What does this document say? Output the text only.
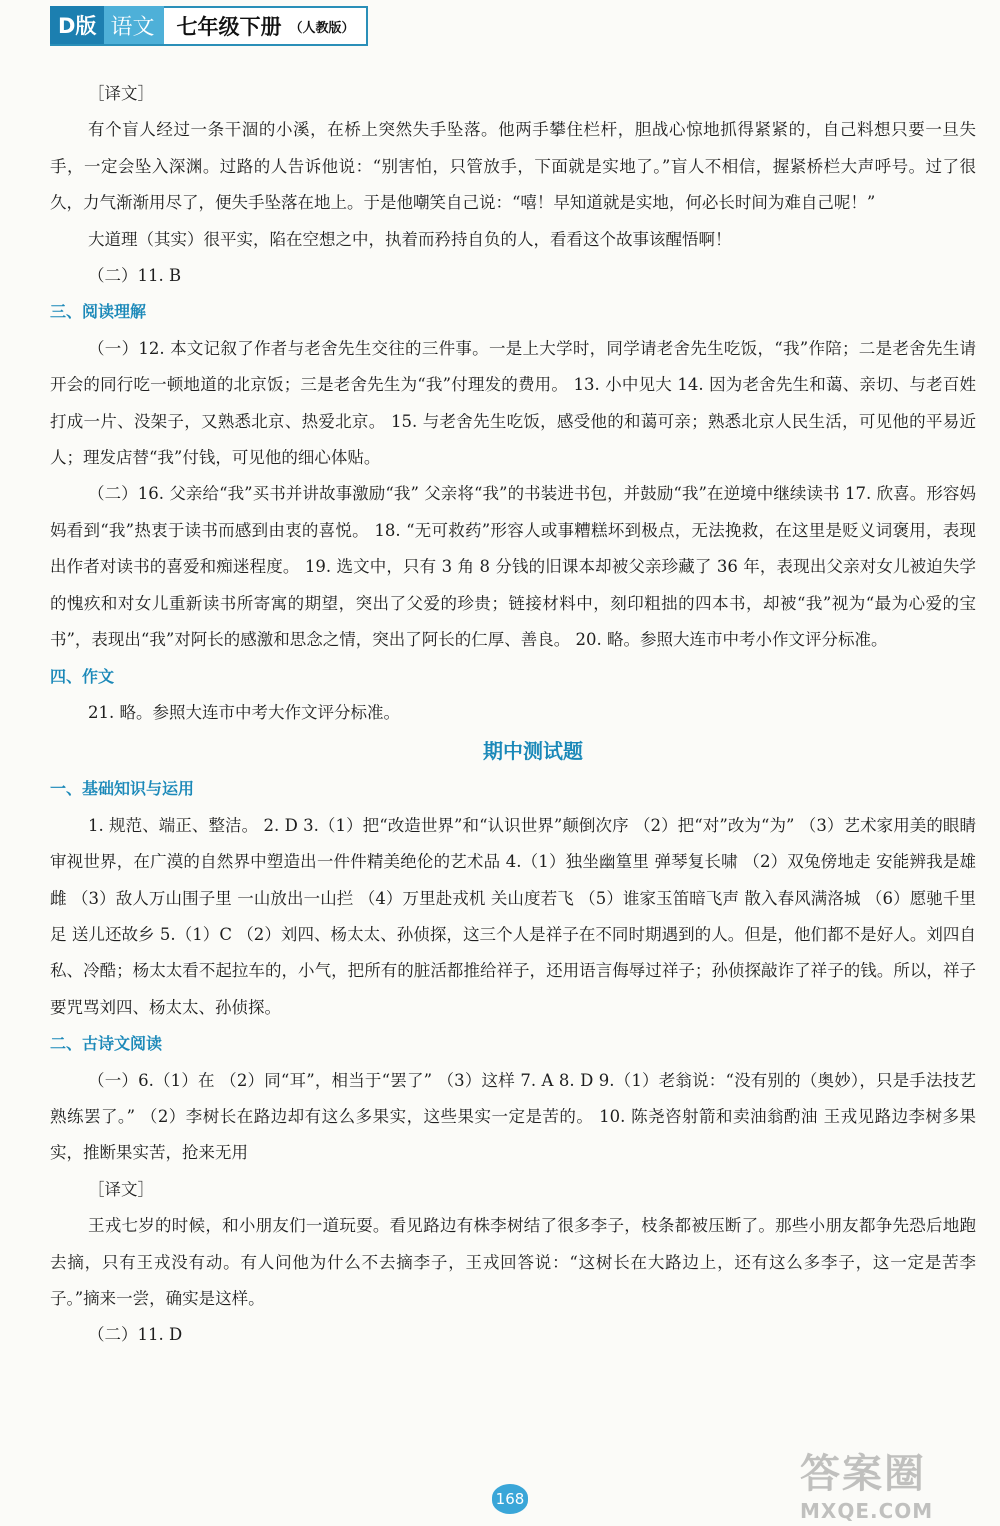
D版 语文	七年级下册 （人教版）

［译文］

有个盲人经过一条干涸的小溪，在桥上突然失手坠落。他两手攀住栏杆，胆战心惊地抓得紧紧的，自己料想只要一旦失手，一定会坠入深渊。过路的人告诉他说：“别害怕，只管放手，下面就是实地了。”盲人不相信，握紧桥栏大声呼号。过了很久，力气渐渐用尽了，便失手坠落在地上。于是他嘲笑自己说：“嘻！早知道就是实地，何必长时间为难自己呢！”

大道理（其实）很平实，陷在空想之中，执着而矜持自负的人，看看这个故事该醒悟啊！

（二）11. B

三、阅读理解

（一）12. 本文记叙了作者与老舍先生交往的三件事。一是上大学时，同学请老舍先生吃饭，“我”作陪；二是老舍先生请开会的同行吃一顿地道的北京饭；三是老舍先生为“我”付理发的费用。 13. 小中见大 14. 因为老舍先生和蔼、亲切、与老百姓打成一片、没架子，又熟悉北京、热爱北京。 15. 与老舍先生吃饭，感受他的和蔼可亲；熟悉北京人民生活，可见他的平易近人；理发店替“我”付钱，可见他的细心体贴。

（二）16. 父亲给“我”买书并讲故事激励“我” 父亲将“我”的书装进书包，并鼓励“我”在逆境中继续读书 17. 欣喜。形容妈妈看到“我”热衷于读书而感到由衷的喜悦。 18. “无可救药”形容人或事糟糕坏到极点，无法挽救，在这里是贬义词褒用，表现出作者对读书的喜爱和痴迷程度。 19. 选文中，只有 3 角 8 分钱的旧课本却被父亲珍藏了 36 年，表现出父亲对女儿被迫失学的愧疚和对女儿重新读书所寄寓的期望，突出了父爱的珍贵；链接材料中，刻印粗拙的四本书，却被“我”视为“最为心爱的宝书”，表现出“我”对阿长的感激和思念之情，突出了阿长的仁厚、善良。 20. 略。参照大连市中考小作文评分标准。

四、作文

21. 略。参照大连市中考大作文评分标准。

期中测试题

一、基础知识与运用

1. 规范、端正、整洁。 2. D 3.（1）把“改造世界”和“认识世界”颠倒次序 （2）把“对”改为“为” （3）艺术家用美的眼睛审视世界，在广漠的自然界中塑造出一件件精美绝伦的艺术品 4.（1）独坐幽篁里 弹琴复长啸 （2）双兔傍地走 安能辨我是雄雌 （3）敌人万山围子里 一山放出一山拦 （4）万里赴戎机 关山度若飞 （5）谁家玉笛暗飞声 散入春风满洛城 （6）愿驰千里足 送儿还故乡 5.（1）C （2）刘四、杨太太、孙侦探，这三个人是祥子在不同时期遇到的人。但是，他们都不是好人。刘四自私、冷酷；杨太太看不起拉车的，小气，把所有的脏活都推给祥子，还用语言侮辱过祥子；孙侦探敲诈了祥子的钱。所以，祥子要咒骂刘四、杨太太、孙侦探。

二、古诗文阅读

（一）6.（1）在 （2）同“耳”，相当于“罢了” （3）这样 7. A 8. D 9.（1）老翁说：“没有别的（奥妙），只是手法技艺熟练罢了。” （2）李树长在路边却有这么多果实，这些果实一定是苦的。 10. 陈尧咨射箭和卖油翁酌油 王戎见路边李树多果实，推断果实苦，抢来无用

［译文］

王戎七岁的时候，和小朋友们一道玩耍。看见路边有株李树结了很多李子，枝条都被压断了。那些小朋友都争先恐后地跑去摘，只有王戎没有动。有人问他为什么不去摘李子，王戎回答说：“这树长在大路边上，还有这么多李子，这一定是苦李子。”摘来一尝，确实是这样。

（二）11. D

168
答案圈
MXQE.COM
